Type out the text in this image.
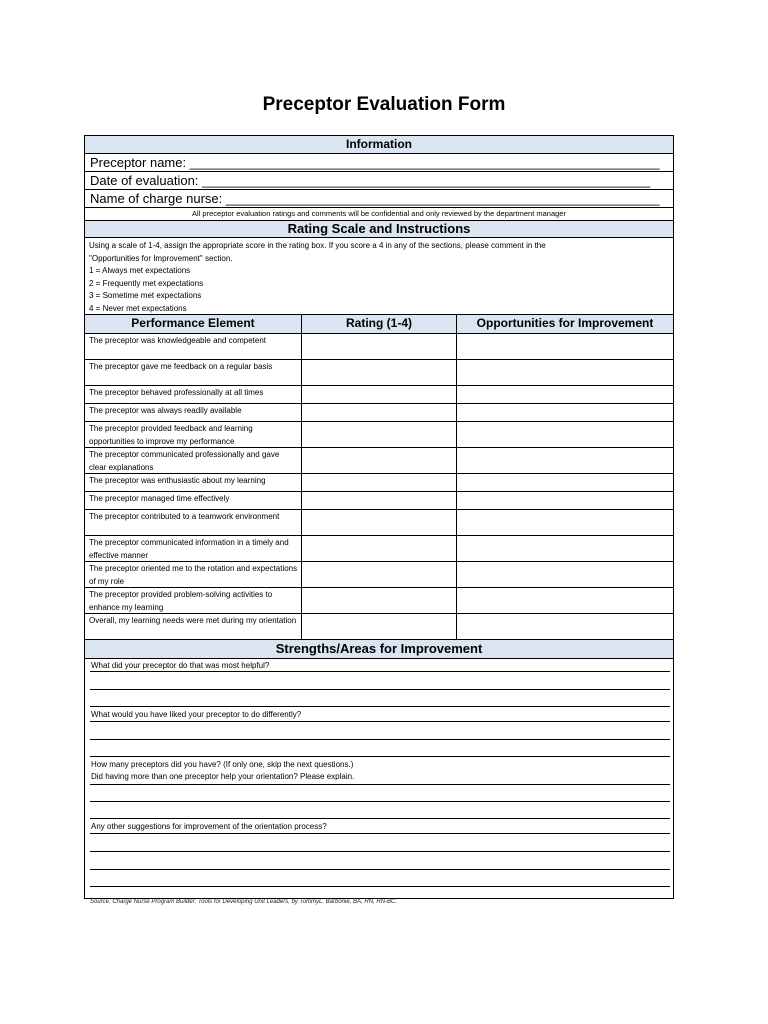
Preceptor Evaluation Form
Information
Preceptor name: _________________________________________________________________
Date of evaluation: ______________________________________________________________
Name of charge nurse: ____________________________________________________________
All preceptor evaluation ratings and comments will be confidential and only reviewed by the department manager
Rating Scale and Instructions
Using a scale of 1-4, assign the appropriate score in the rating box. If you score a 4 in any of the sections, please comment in the
"Opportunities for Improvement" section.
1 = Always met expectations
2 = Frequently met expectations
3 = Sometime met expectations
4 = Never met expectations
Performance Element	Rating (1-4)	Opportunities for Improvement
The preceptor was knowledgeable and competent
The preceptor gave me feedback on a regular basis
The preceptor behaved professionally at all times
The preceptor was always readily available
The preceptor provided feedback and learning opportunities to improve my performance
The preceptor communicated professionally and gave clear explanations
The preceptor was enthusiastic about my learning
The preceptor managed time effectively
The preceptor contributed to a teamwork environment
The preceptor communicated information in a timely and effective manner
The preceptor oriented me to the rotation and expectations of my role
The preceptor provided problem-solving activities to enhance my learning
Overall, my learning needs were met during my orientation
Strengths/Areas for Improvement
What did your preceptor do that was most helpful?
What would you have liked your preceptor to do differently?
How many preceptors did you have? (If only one, skip the next questions.)
Did having more than one preceptor help your orientation? Please explain.
Any other suggestions for improvement of the orientation process?
Source: Charge Nurse Program Builder: Tools for Developing Unit Leaders, by TommyL. Barbonie, BA, RN, RN-BC.
